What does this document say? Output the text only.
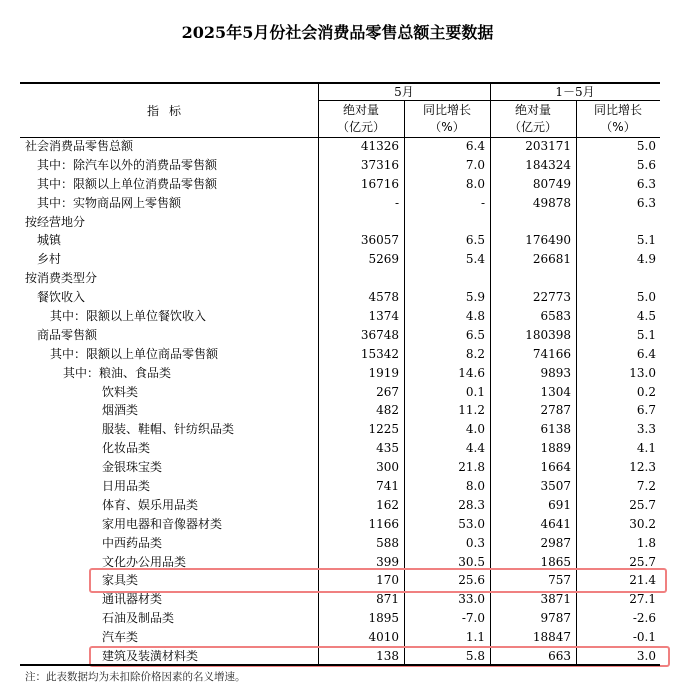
2025年5月份社会消费品零售总额主要数据
指标
5月	1－5月
绝对量
（亿元）
同比增长
（%）
绝对量
（亿元）
同比增长
（%）
社会消费品零售总额	41326	6.4	203171	5.0
其中：除汽车以外的消费品零售额	37316	7.0	184324	5.6
其中：限额以上单位消费品零售额	16716	8.0	80749	6.3
其中：实物商品网上零售额	-	-	49878	6.3
按经营地分
城镇	36057	6.5	176490	5.1
乡村	5269	5.4	26681	4.9
按消费类型分
餐饮收入	4578	5.9	22773	5.0
其中：限额以上单位餐饮收入	1374	4.8	6583	4.5
商品零售额	36748	6.5	180398	5.1
其中：限额以上单位商品零售额	15342	8.2	74166	6.4
其中：粮油、食品类	1919	14.6	9893	13.0
饮料类	267	0.1	1304	0.2
烟酒类	482	11.2	2787	6.7
服装、鞋帽、针纺织品类	1225	4.0	6138	3.3
化妆品类	435	4.4	1889	4.1
金银珠宝类	300	21.8	1664	12.3
日用品类	741	8.0	3507	7.2
体育、娱乐用品类	162	28.3	691	25.7
家用电器和音像器材类	1166	53.0	4641	30.2
中西药品类	588	0.3	2987	1.8
文化办公用品类	399	30.5	1865	25.7
家具类	170	25.6	757	21.4
通讯器材类	871	33.0	3871	27.1
石油及制品类	1895	-7.0	9787	-2.6
汽车类	4010	1.1	18847	-0.1
建筑及装潢材料类	138	5.8	663	3.0
注：此表数据均为未扣除价格因素的名义增速。
